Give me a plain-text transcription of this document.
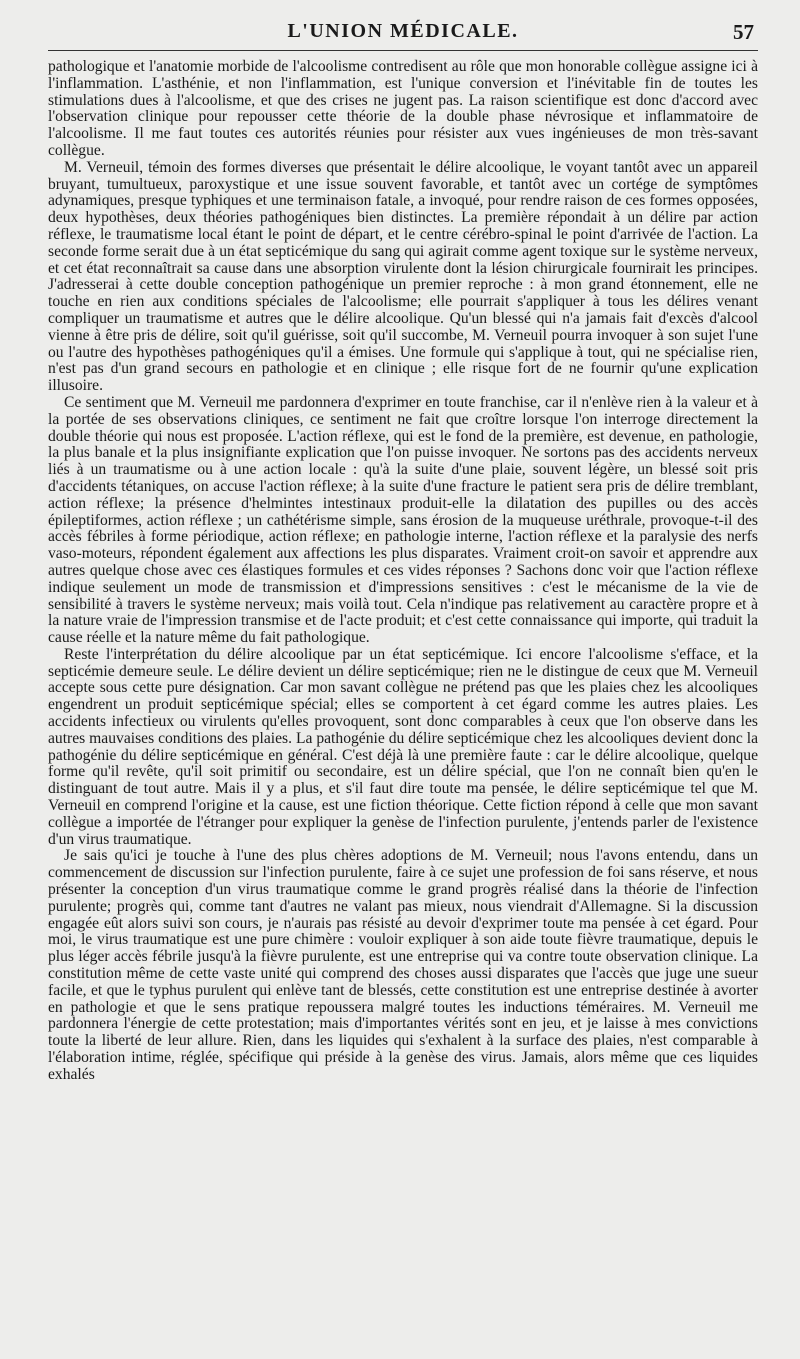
L'UNION MÉDICALE.	57

pathologique et l'anatomie morbide de l'alcoolisme contredisent au rôle que mon honorable collègue assigne ici à l'inflammation. L'asthénie, et non l'inflammation, est l'unique conversion et l'inévitable fin de toutes les stimulations dues à l'alcoolisme, et que des crises ne jugent pas. La raison scientifique est donc d'accord avec l'observation clinique pour repousser cette théorie de la double phase névrosique et inflammatoire de l'alcoolisme. Il me faut toutes ces autorités réunies pour résister aux vues ingénieuses de mon très-savant collègue.

M. Verneuil, témoin des formes diverses que présentait le délire alcoolique, le voyant tantôt avec un appareil bruyant, tumultueux, paroxystique et une issue souvent favorable, et tantôt avec un cortége de symptômes adynamiques, presque typhiques et une terminaison fatale, a invoqué, pour rendre raison de ces formes opposées, deux hypothèses, deux théories pathogéniques bien distinctes. La première répondait à un délire par action réflexe, le traumatisme local étant le point de départ, et le centre cérébro-spinal le point d'arrivée de l'action. La seconde forme serait due à un état septicémique du sang qui agirait comme agent toxique sur le système nerveux, et cet état reconnaîtrait sa cause dans une absorption virulente dont la lésion chirurgicale fournirait les principes. J'adresserai à cette double conception pathogénique un premier reproche : à mon grand étonnement, elle ne touche en rien aux conditions spéciales de l'alcoolisme; elle pourrait s'appliquer à tous les délires venant compliquer un traumatisme et autres que le délire alcoolique. Qu'un blessé qui n'a jamais fait d'excès d'alcool vienne à être pris de délire, soit qu'il guérisse, soit qu'il succombe, M. Verneuil pourra invoquer à son sujet l'une ou l'autre des hypothèses pathogéniques qu'il a émises. Une formule qui s'applique à tout, qui ne spécialise rien, n'est pas d'un grand secours en pathologie et en clinique ; elle risque fort de ne fournir qu'une explication illusoire.

Ce sentiment que M. Verneuil me pardonnera d'exprimer en toute franchise, car il n'enlève rien à la valeur et à la portée de ses observations cliniques, ce sentiment ne fait que croître lorsque l'on interroge directement la double théorie qui nous est proposée. L'action réflexe, qui est le fond de la première, est devenue, en pathologie, la plus banale et la plus insignifiante explication que l'on puisse invoquer. Ne sortons pas des accidents nerveux liés à un traumatisme ou à une action locale : qu'à la suite d'une plaie, souvent légère, un blessé soit pris d'accidents tétaniques, on accuse l'action réflexe; à la suite d'une fracture le patient sera pris de délire tremblant, action réflexe; la présence d'helmintes intestinaux produit-elle la dilatation des pupilles ou des accès épileptiformes, action réflexe ; un cathétérisme simple, sans érosion de la muqueuse uréthrale, provoque-t-il des accès fébriles à forme périodique, action réflexe; en pathologie interne, l'action réflexe et la paralysie des nerfs vaso-moteurs, répondent également aux affections les plus disparates. Vraiment croit-on savoir et apprendre aux autres quelque chose avec ces élastiques formules et ces vides réponses ? Sachons donc voir que l'action réflexe indique seulement un mode de transmission et d'impressions sensitives : c'est le mécanisme de la vie de sensibilité à travers le système nerveux; mais voilà tout. Cela n'indique pas relativement au caractère propre et à la nature vraie de l'impression transmise et de l'acte produit; et c'est cette connaissance qui importe, qui traduit la cause réelle et la nature même du fait pathologique.

Reste l'interprétation du délire alcoolique par un état septicémique. Ici encore l'alcoolisme s'efface, et la septicémie demeure seule. Le délire devient un délire septicémique; rien ne le distingue de ceux que M. Verneuil accepte sous cette pure désignation. Car mon savant collègue ne prétend pas que les plaies chez les alcooliques engendrent un produit septicémique spécial; elles se comportent à cet égard comme les autres plaies. Les accidents infectieux ou virulents qu'elles provoquent, sont donc comparables à ceux que l'on observe dans les autres mauvaises conditions des plaies. La pathogénie du délire septicémique chez les alcooliques devient donc la pathogénie du délire septicémique en général. C'est déjà là une première faute : car le délire alcoolique, quelque forme qu'il revête, qu'il soit primitif ou secondaire, est un délire spécial, que l'on ne connaît bien qu'en le distinguant de tout autre. Mais il y a plus, et s'il faut dire toute ma pensée, le délire septicémique tel que M. Verneuil en comprend l'origine et la cause, est une fiction théorique. Cette fiction répond à celle que mon savant collègue a importée de l'étranger pour expliquer la genèse de l'infection purulente, j'entends parler de l'existence d'un virus traumatique.

Je sais qu'ici je touche à l'une des plus chères adoptions de M. Verneuil; nous l'avons entendu, dans un commencement de discussion sur l'infection purulente, faire à ce sujet une profession de foi sans réserve, et nous présenter la conception d'un virus traumatique comme le grand progrès réalisé dans la théorie de l'infection purulente; progrès qui, comme tant d'autres ne valant pas mieux, nous viendrait d'Allemagne. Si la discussion engagée eût alors suivi son cours, je n'aurais pas résisté au devoir d'exprimer toute ma pensée à cet égard. Pour moi, le virus traumatique est une pure chimère : vouloir expliquer à son aide toute fièvre traumatique, depuis le plus léger accès fébrile jusqu'à la fièvre purulente, est une entreprise qui va contre toute observation clinique. La constitution même de cette vaste unité qui comprend des choses aussi disparates que l'accès que juge une sueur facile, et que le typhus purulent qui enlève tant de blessés, cette constitution est une entreprise destinée à avorter en pathologie et que le sens pratique repoussera malgré toutes les inductions téméraires. M. Verneuil me pardonnera l'énergie de cette protestation; mais d'importantes vérités sont en jeu, et je laisse à mes convictions toute la liberté de leur allure. Rien, dans les liquides qui s'exhalent à la surface des plaies, n'est comparable à l'élaboration intime, réglée, spécifique qui préside à la genèse des virus. Jamais, alors même que ces liquides exhalés
